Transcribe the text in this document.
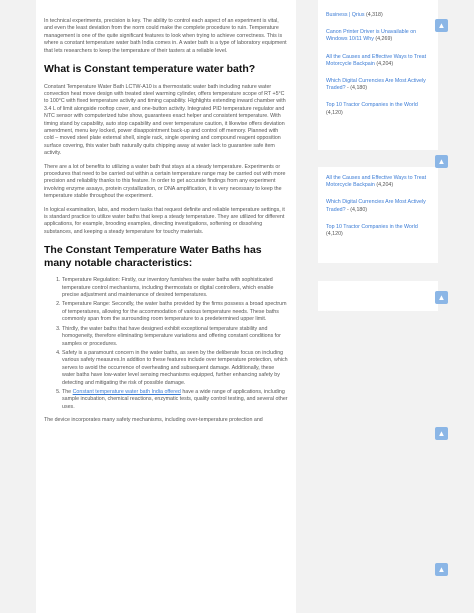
In technical experiments, precision is key. The ability to control each aspect of an experiment is vital, and even the least deviation from the norm could make the complete procedure to ruin. Temperature management is one of the quite significant features to look when trying to achieve correctness. This is where a constant temperature water bath India comes in. A water bath is a type of laboratory equipment that lets researchers to keep the temperature of their tasters at a reliable level.

What is Constant temperature water bath?

Constant Temperature Water Bath LCTW-A10 is a thermostatic water bath including nature water convection heat move design with treated steel warming cylinder, offers temperature scope of RT +5°C to 100°C with fixed temperature activity and timing capability. Highlights extending inward chamber with 3.4 L of limit alongside rooftop cover, and one-button activity. Integrated PID temperature regulator and NTC sensor with computerized tube show, guarantees exact helper and consistent temperature. With timing stand by capability, auto stop capability and over temperature caution, it likewise offers deviation amendment, menu key locked, power disappointment back-up and control off memory. Planned with cold – moved steel plate external shell, single rack, single opening and compound reagent opposition surface covering, this water bath naturally quits chipping away at water lack to guarantee safe item activity.

There are a lot of benefits to utilizing a water bath that stays at a steady temperature. Experiments or procedures that need to be carried out within a certain temperature range may be carried out with more precision and reliability thanks to this feature. In order to get accurate findings from any experiment involving enzyme assays, protein crystallization, or DNA amplification, it is very necessary to keep the temperature stable throughout the experiment.

In logical examination, labs, and modern tasks that request definite and reliable temperature settings, it is standard practice to utilize water baths that keep a steady temperature. They are utilized for different applications, for example, brooding examples, directing investigations, softening or dissolving substances, and keeping a steady temperature for touchy materials.

The Constant Temperature Water Baths has many notable characteristics:
1. Temperature Regulation: Firstly, our inventory furnishes the water baths with sophisticated temperature control mechanisms, including thermostats or digital controllers, which enable precise adjustment and maintenance of desired temperatures.
2. Temperature Range: Secondly, the water baths provided by the firms possess a broad spectrum of temperatures, allowing for the accommodation of various temperature needs. These baths commonly span from the surrounding room temperature to a predetermined upper limit.
3. Thirdly, the water baths that have designed exhibit exceptional temperature stability and homogeneity, therefore eliminating temperature variations and offering constant conditions for samples or procedures.
4. Safety is a paramount concern in the water baths, as seen by the deliberate focus on including various safety measures.In addition to these features include over temperature protection, which serves to avoid the occurrence of overheating and subsequent damage. Additionally, these water baths have low-water level sensing mechanisms equipped, further enhancing safety by detecting and mitigating the risk of possible damage.
5. The Constant temperature water bath India offered have a wide range of applications, including sample incubation, chemical reactions, enzymatic tests, quality control testing, and several other uses.

The device incorporates many safety mechanisms, including over-temperature protection and

Business | Qrius (4,318)
Canon Printer Driver is Unavailable on Windows 10/11 Why (4,269)
All the Causes and Effective Ways to Treat Motorcycle Backpain (4,204)
Which Digital Currencies Are Most Actively Traded? - (4,180)
Top 10 Tractor Companies in the World (4,120)
All the Causes and Effective Ways to Treat Motorcycle Backpain (4,204)
Which Digital Currencies Are Most Actively Traded? - (4,180)
Top 10 Tractor Companies in the World (4,120)
▲
▲
▲
▲
▲
